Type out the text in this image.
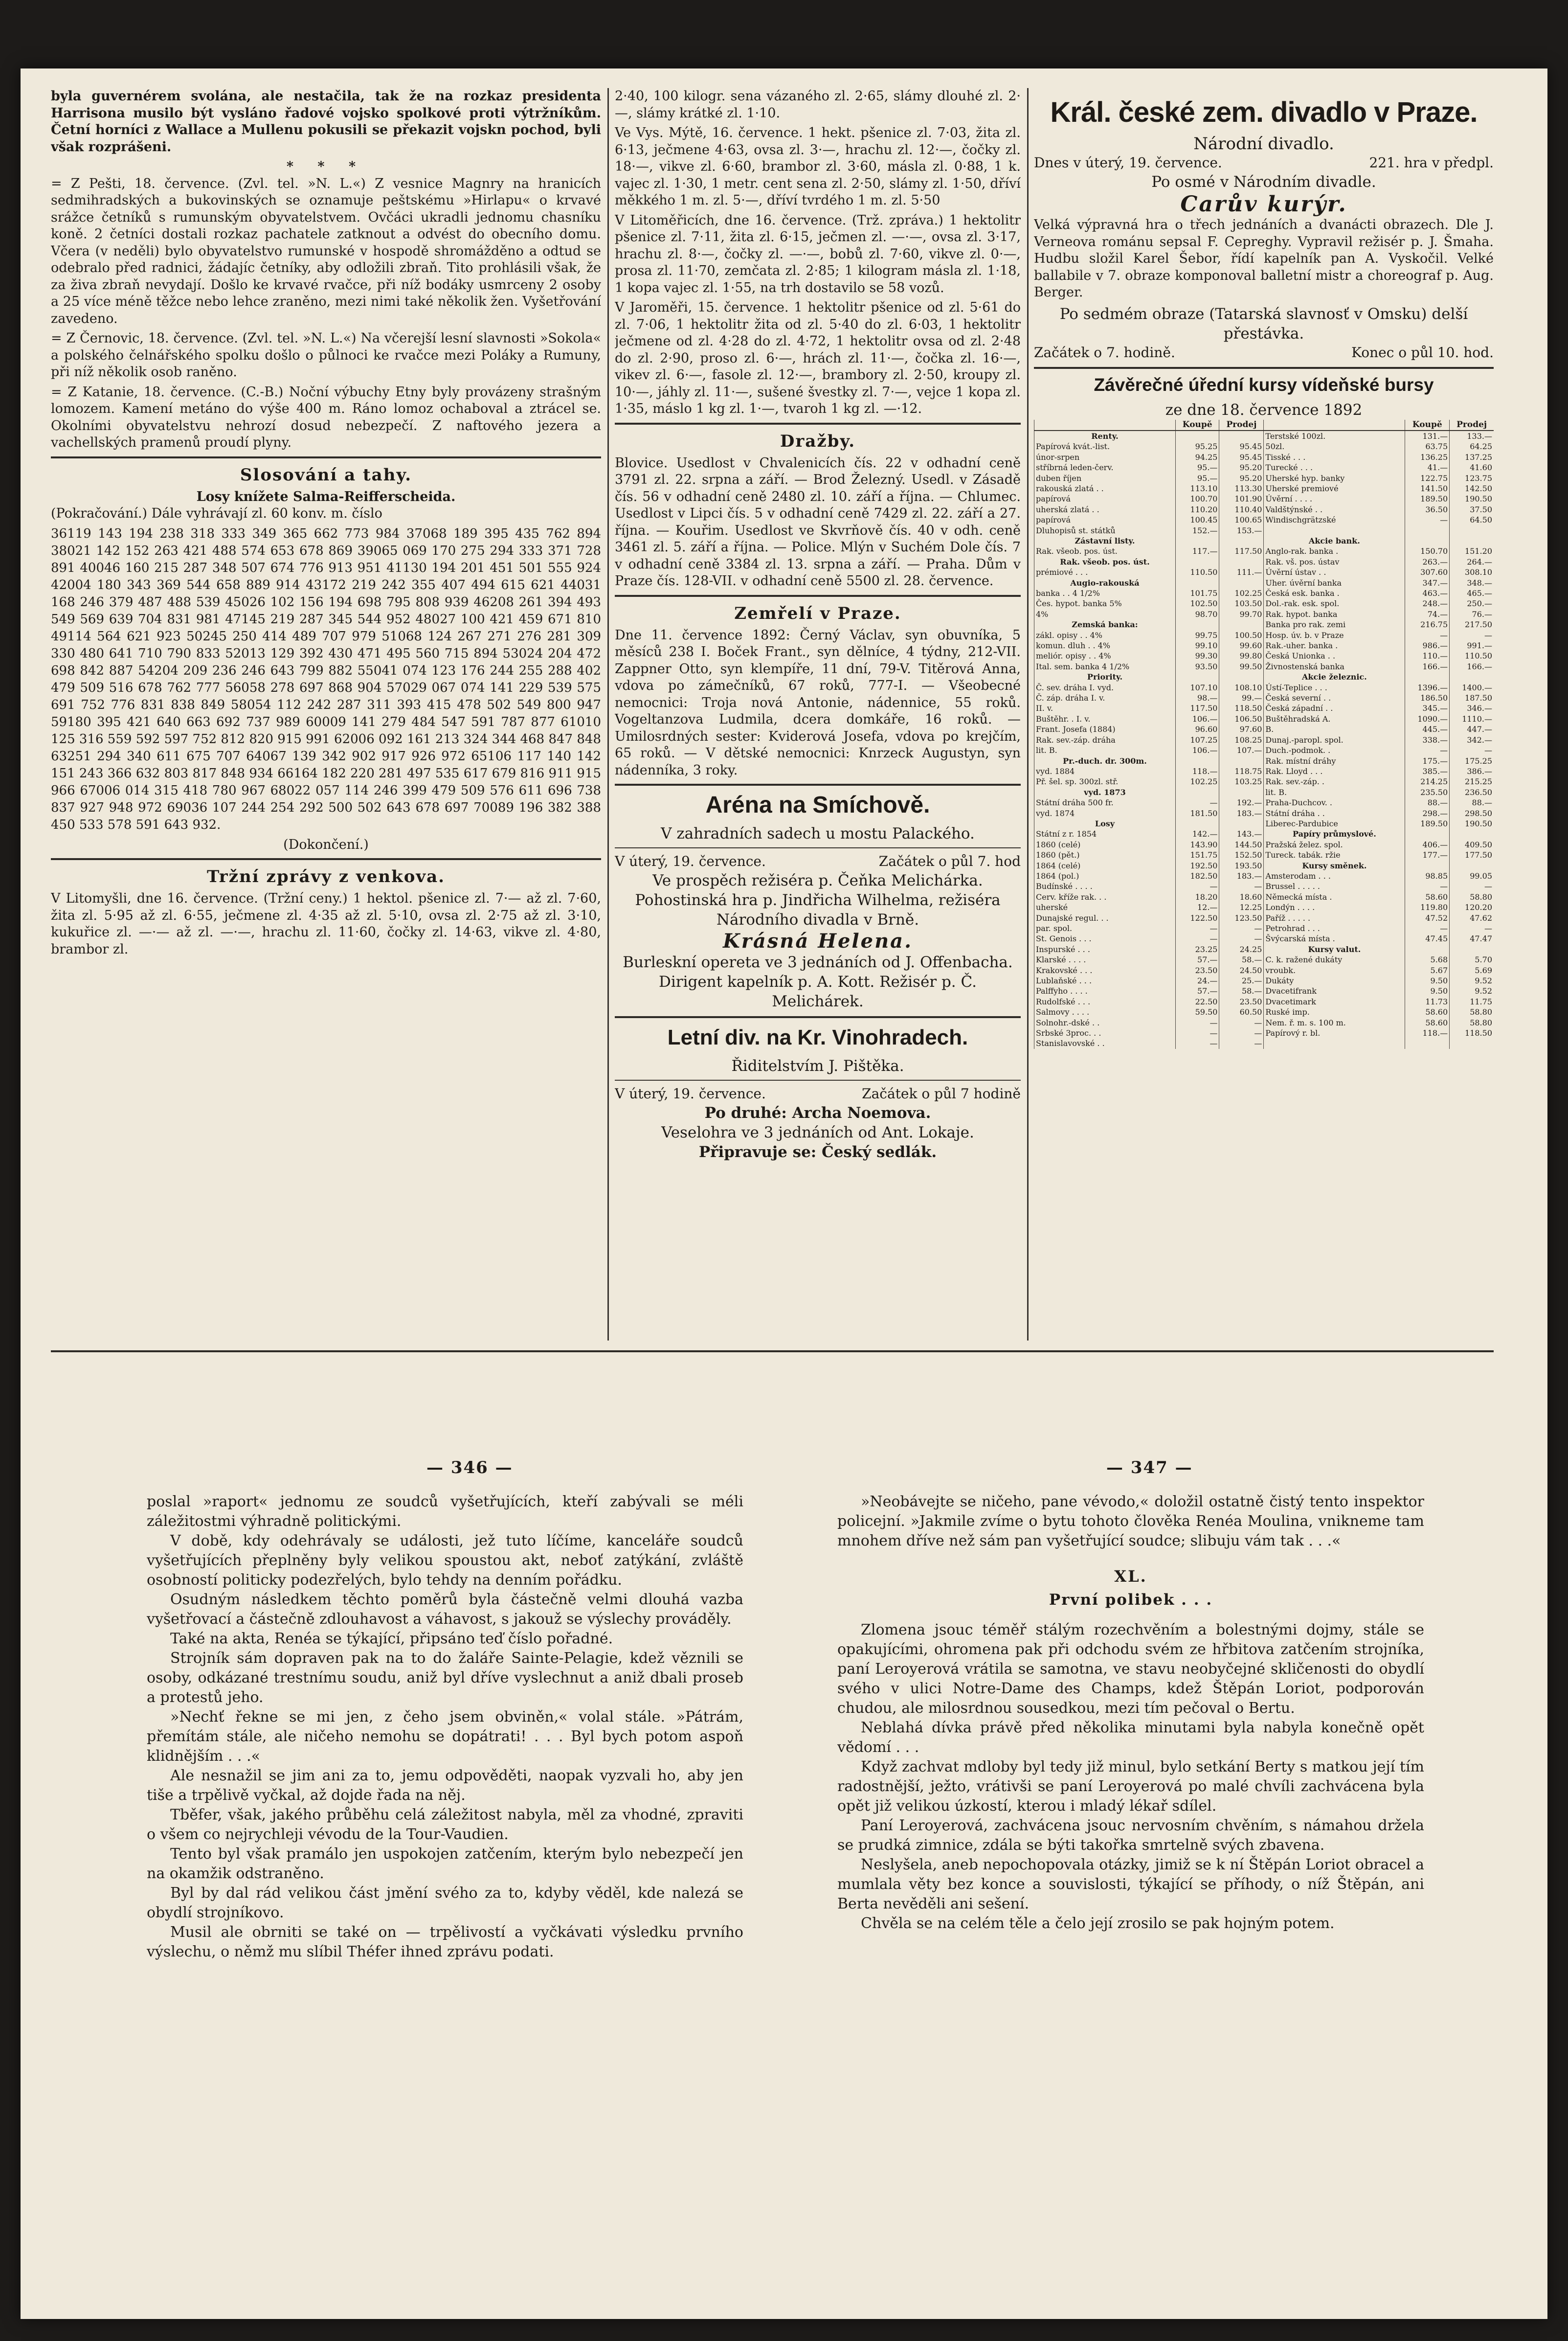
byla guvernérem svolána, ale nestačila, tak že na rozkaz presidenta Harrisona musilo být vysláno řadové vojsko spolkové proti výtržníkům. Četní horníci z Wallace a Mullenu pokusili se překazit vojskn pochod, byli však rozprášeni.

* * *

= Z Pešti, 18. července. (Zvl. tel. »N. L.«) Z vesnice Magnry na hranicích sedmihradských a bukovinských se oznamuje peštskému »Hirlapu« o krvavé srážce četníků s rumunským obyvatelstvem. Ovčáci ukradli jednomu chasníku koně. 2 četníci dostali rozkaz pachatele zatknout a odvést do obecního domu. Včera (v neděli) bylo obyvatelstvo rumunské v hospodě shromážděno a odtud se odebralo před radnici, žádajíc četníky, aby odložili zbraň. Tito prohlásili však, že za živa zbraň nevydají. Došlo ke krvavé rvačce, při níž bodáky usmrceny 2 osoby a 25 více méně těžce nebo lehce zraněno, mezi nimi také několik žen. Vyšetřování zavedeno.

= Z Černovic, 18. července. (Zvl. tel. »N. L.«) Na včerejší lesní slavnosti »Sokola« a polského čelnářského spolku došlo o půlnoci ke rvačce mezi Poláky a Rumuny, při níž několik osob raněno.

= Z Katanie, 18. července. (C.-B.) Noční výbuchy Etny byly provázeny strašným lomozem. Kamení metáno do výše 400 m. Ráno lomoz ochaboval a ztrácel se. Okolními obyvatelstvu nehrozí dosud nebezpečí. Z naftového jezera a vachellských pramenů proudí plyny.

Slosování a tahy.
Losy knížete Salma-Reifferscheida.

(Pokračování.) Dále vyhrávají zl. 60 konv. m. číslo

36119 143 194 238 318 333 349 365 662 773 984 37068 189 395 435 762 894 38021 142 152 263 421 488 574 653 678 869 39065 069 170 275 294 333 371 728 891 40046 160 215 287 348 507 674 776 913 951 41130 194 201 451 501 555 924 42004 180 343 369 544 658 889 914 43172 219 242 355 407 494 615 621 44031 168 246 379 487 488 539 45026 102 156 194 698 795 808 939 46208 261 394 493 549 569 639 704 831 981 47145 219 287 345 544 952 48027 100 421 459 671 810 49114 564 621 923 50245 250 414 489 707 979 51068 124 267 271 276 281 309 330 480 641 710 790 833 52013 129 392 430 471 495 560 715 894 53024 204 472 698 842 887 54204 209 236 246 643 799 882 55041 074 123 176 244 255 288 402 479 509 516 678 762 777 56058 278 697 868 904 57029 067 074 141 229 539 575 691 752 776 831 838 849 58054 112 242 287 311 393 415 478 502 549 800 947 59180 395 421 640 663 692 737 989 60009 141 279 484 547 591 787 877 61010 125 316 559 592 597 752 812 820 915 991 62006 092 161 213 324 344 468 847 848 63251 294 340 611 675 707 64067 139 342 902 917 926 972 65106 117 140 142 151 243 366 632 803 817 848 934 66164 182 220 281 497 535 617 679 816 911 915 966 67006 014 315 418 780 967 68022 057 114 246 399 479 509 576 611 696 738 837 927 948 972 69036 107 244 254 292 500 502 643 678 697 70089 196 382 388 450 533 578 591 643 932.

(Dokončení.)
Tržní zprávy z venkova.

V Litomyšli, dne 16. července. (Tržní ceny.) 1 hektol. pšenice zl. 7·— až zl. 7·60, žita zl. 5·95 až zl. 6·55, ječmene zl. 4·35 až zl. 5·10, ovsa zl. 2·75 až zl. 3·10, kukuřice zl. —·— až zl. —·—, hrachu zl. 11·60, čočky zl. 14·63, vikve zl. 4·80, brambor zl.

2·40, 100 kilogr. sena vázaného zl. 2·65, slámy dlouhé zl. 2·—, slámy krátké zl. 1·10.

Ve Vys. Mýtě, 16. července. 1 hekt. pšenice zl. 7·03, žita zl. 6·13, ječmene 4·63, ovsa zl. 3·—, hrachu zl. 12·—, čočky zl. 18·—, vikve zl. 6·60, brambor zl. 3·60, másla zl. 0·88, 1 k. vajec zl. 1·30, 1 metr. cent sena zl. 2·50, slámy zl. 1·50, dříví měkkého 1 m. zl. 5·—, dříví tvrdého 1 m. zl. 5·50

V Litoměřicích, dne 16. července. (Trž. zpráva.) 1 hektolitr pšenice zl. 7·11, žita zl. 6·15, ječmen zl. —·—, ovsa zl. 3·17, hrachu zl. 8·—, čočky zl. —·—, bobů zl. 7·60, vikve zl. 0·—, prosa zl. 11·70, zemčata zl. 2·85; 1 kilogram másla zl. 1·18, 1 kopa vajec zl. 1·55, na trh dostavilo se 58 vozů.

V Jaroměři, 15. července. 1 hektolitr pšenice od zl. 5·61 do zl. 7·06, 1 hektolitr žita od zl. 5·40 do zl. 6·03, 1 hektolitr ječmene od zl. 4·28 do zl. 4·72, 1 hektolitr ovsa od zl. 2·48 do zl. 2·90, proso zl. 6·—, hrách zl. 11·—, čočka zl. 16·—, vikev zl. 6·—, fasole zl. 12·—, brambory zl. 2·50, kroupy zl. 10·—, jáhly zl. 11·—, sušené švestky zl. 7·—, vejce 1 kopa zl. 1·35, máslo 1 kg zl. 1·—, tvaroh 1 kg zl. —·12.

Dražby.

Blovice. Usedlost v Chvalenicích čís. 22 v odhadní ceně 3791 zl. 22. srpna a září. — Brod Železný. Usedl. v Zásadě čís. 56 v odhadní ceně 2480 zl. 10. září a října. — Chlumec. Usedlost v Lipci čís. 5 v odhadní ceně 7429 zl. 22. září a 27. října. — Kouřim. Usedlost ve Skvrňově čís. 40 v odh. ceně 3461 zl. 5. září a října. — Police. Mlýn v Suchém Dole čís. 7 v odhadní ceně 3384 zl. 13. srpna a září. — Praha. Dům v Praze čís. 128-VII. v odhadní ceně 5500 zl. 28. července.

Zemřelí v Praze.

Dne 11. července 1892: Černý Václav, syn obuvníka, 5 měsíců 238 I. Boček Frant., syn dělníce, 4 týdny, 212-VII. Zappner Otto, syn klempíře, 11 dní, 79-V. Titěrová Anna, vdova po zámečníků, 67 roků, 777-I. — Všeobecné nemocnici: Troja nová Antonie, nádennice, 55 roků. Vogeltanzova Ludmila, dcera domkáře, 16 roků. — Umilosrdných sester: Kviderová Josefa, vdova po krejčím, 65 roků. — V dětské nemocnici: Knrzeck Augustyn, syn nádenníka, 3 roky.

Aréna na Smíchově.
V zahradních sadech u mostu Palackého.
V úterý, 19. července.	Začátek o půl 7. hod
Ve prospěch režiséra p. Čeňka Melichárka.
Pohostinská hra p. Jindřicha Wilhelma, režiséra Národního divadla v Brně.
Krásná Helena.
Burleskní opereta ve 3 jednáních od J. Offenbacha.
Dirigent kapelník p. A. Kott. Režisér p. Č. Melichárek.
Letní div. na Kr. Vinohradech.
Řiditelstvím J. Pištěka.
V úterý, 19. července.	Začátek o půl 7 hodině
Po druhé: Archa Noemova.
Veselohra ve 3 jednáních od Ant. Lokaje.
Připravuje se: Český sedlák.
Král. české zem. divadlo v Praze.
Národní divadlo.
Dnes v úterý, 19. července.	221. hra v předpl.
Po osmé v Národním divadle.
Carův kurýr.

Velká výpravná hra o třech jednáních a dvanácti obrazech. Dle J. Verneova románu sepsal F. Cepreghy. Vypravil režisér p. J. Šmaha. Hudbu složil Karel Šebor, řídí kapelník pan A. Vyskočil. Velké ballabile v 7. obraze komponoval balletní mistr a choreograf p. Aug. Berger.

Po sedmém obraze (Tatarská slavnosť v Omsku) delší přestávka.
Začátek o 7. hodině.	Konec o půl 10. hod.
Závěrečné úřední kursy vídeňské bursy
ze dne 18. července 1892
	Koupě	Prodej		Koupě	Prodej
Renty.			Terstské 100zl.	131.—	133.—
Papírová kvát.-list.	95.25	95.45	50zl.	63.75	64.25
únor-srpen	94.25	95.45	Tisské . . .	136.25	137.25
stříbrná leden-červ.	95.—	95.20	Turecké . . .	41.—	41.60
duben říjen	95.—	95.20	Uherské hyp. banky	122.75	123.75
rakouská zlatá . .	113.10	113.30	Uherské premiové	141.50	142.50
papírová	100.70	101.90	Úvěrní . . . .	189.50	190.50
uherská zlatá . .	110.20	110.40	Valdštýnské . .	36.50	37.50
papírová	100.45	100.65	Windischgrätzské	—	64.50
Dluhopisů st. státků	152.—	153.—			
Zástavní listy.			Akcie bank.		
Rak. všeob. pos. úst.	117.—	117.50	Anglo-rak. banka .	150.70	151.20
Rak. všeob. pos. úst.			Rak. vš. pos. ústav	263.—	264.—
prémiové . . .	110.50	111.—	Úvěrní ústav . .	307.60	308.10
Augio-rakouská			Uher. úvěrní banka	347.—	348.—
banka . . 4 1/2%	101.75	102.25	Česká esk. banka .	463.—	465.—
Čes. hypot. banka 5%	102.50	103.50	Dol.-rak. esk. spol.	248.—	250.—
4%	98.70	99.70	Rak. hypot. banka	74.—	76.—
Zemská banka:			Banka pro rak. zemi	216.75	217.50
zákl. opisy . . 4%	99.75	100.50	Hosp. úv. b. v Praze	—	—
komun. dluh . . 4%	99.10	99.60	Rak.-uher. banka .	986.—	991.—
meliór. opisy . . 4%	99.30	99.80	Česká Unionka . .	110.—	110.50
Ital. sem. banka 4 1/2%	93.50	99.50	Živnostenská banka	166.—	166.—
Priority.			Akcie železnic.		
Č. sev. dráha I. vyd.	107.10	108.10	Ústí-Teplice . . .	1396.—	1400.—
Č. záp. dráha I. v.	98.—	99.—	Česká severní . .	186.50	187.50
II. v.	117.50	118.50	Česká západní . .	345.—	346.—
Buštěhr. . I. v.	106.—	106.50	Buštěhradská A.	1090.—	1110.—
Frant. Josefa (1884)	96.60	97.60	B.	445.—	447.—
Rak. sev.-záp. dráha	107.25	108.25	Dunaj.-paropl. spol.	338.—	342.—
lit. B.	106.—	107.—	Duch.-podmok. .	—	—
Pr.-duch. dr. 300m.			Rak. místní dráhy	175.—	175.25
vyd. 1884	118.—	118.75	Rak. Lloyd . . .	385.—	386.—
Př. šel. sp. 300zl. stř.	102.25	103.25	Rak. sev.-záp. .	214.25	215.25
vyd. 1873			lit. B.	235.50	236.50
Státní dráha 500 fr.	—	192.—	Praha-Duchcov. .	88.—	88.—
vyd. 1874	181.50	183.—	Státní dráha . .	298.—	298.50
Losy			Liberec-Pardubice	189.50	190.50
Státní z r. 1854	142.—	143.—	Papíry průmyslové.		
1860 (celé)	143.90	144.50	Pražská želez. spol.	406.—	409.50
1860 (pět.)	151.75	152.50	Tureck. tabák. ržie	177.—	177.50
1864 (celé)	192.50	193.50	Kursy směnek.		
1864 (pol.)	182.50	183.—	Amsterodam . . .	98.85	99.05
Budínské . . . .	—	—	Brussel . . . . .	—	—
Cerv. kříže rak. . .	18.20	18.60	Německá místa .	58.60	58.80
uherské	12.—	12.25	Londýn . . . .	119.80	120.20
Dunajské regul. . .	122.50	123.50	Paříž . . . . .	47.52	47.62
par. spol.	—	—	Petrohrad . . .	—	—
St. Genois . . .	—	—	Švýcarská místa .	47.45	47.47
Inspurské . . .	23.25	24.25	Kursy valut.		
Klarské . . . .	57.—	58.—	C. k. ražené dukáty	5.68	5.70
Krakovské . . .	23.50	24.50	vroubk.	5.67	5.69
Lublaňské . . .	24.—	25.—	Dukáty	9.50	9.52
Palffyho . . . .	57.—	58.—	Dvacetifrank	9.50	9.52
Rudolfské . . .	22.50	23.50	Dvacetimark	11.73	11.75
Salmovy . . . .	59.50	60.50	Ruské imp.	58.60	58.80
Solnohr.-dské . .	—	—	Nem. ř. m. s. 100 m.	58.60	58.80
Srbské 3proc. . .	—	—	Papírový r. bl.	118.—	118.50
Stanislavovské . .	—	—			
— 346 —	— 347 —

poslal »raport« jednomu ze soudců vyšetřujících, kteří zabývali se méli záležitostmi výhradně politickými.

V době, kdy odehrávaly se události, jež tuto líčíme, kanceláře soudců vyšetřujících přeplněny byly velikou spoustou akt, neboť zatýkání, zvláště osobností politicky podezřelých, bylo tehdy na denním pořádku.

Osudným následkem těchto poměrů byla částečně velmi dlouhá vazba vyšetřovací a částečně zdlouhavost a váhavost, s jakouž se výslechy prováděly.

Také na akta, Renéa se týkající, připsáno teď číslo pořadné.

Strojník sám dopraven pak na to do žaláře Sainte-Pelagie, kdež věznili se osoby, odkázané trestnímu soudu, aniž byl dříve vyslechnut a aniž dbali proseb a protestů jeho.

»Nechť řekne se mi jen, z čeho jsem obviněn,« volal stále. »Pátrám, přemítám stále, ale ničeho nemohu se dopátrati! . . . Byl bych potom aspoň klidnějším . . .«

Ale nesnažil se jim ani za to, jemu odpověděti, naopak vyzvali ho, aby jen tiše a trpělivě vyčkal, až dojde řada na něj.

Tběfer, však, jakého průběhu celá záležitost nabyla, měl za vhodné, zpraviti o všem co nejrychleji vévodu de la Tour-Vaudien.

Tento byl však pramálo jen uspokojen zatčením, kterým bylo nebezpečí jen na okamžik odstraněno.

Byl by dal rád velikou část jmění svého za to, kdyby věděl, kde nalezá se obydlí strojníkovo.

Musil ale obrniti se také on — trpělivostí a vyčkávati výsledku prvního výslechu, o němž mu slíbil Théfer ihned zprávu podati.

»Neobávejte se ničeho, pane vévodo,« doložil ostatně čistý tento inspektor policejní. »Jakmile zvíme o bytu tohoto člověka Renéa Moulina, vnikneme tam mnohem dříve než sám pan vyšetřující soudce; slibuju vám tak . . .«

XL.
První polibek . . .

Zlomena jsouc téměř stálým rozechvěním a bolestnými dojmy, stále se opakujícími, ohromena pak při odchodu svém ze hřbitova zatčením strojníka, paní Leroyerová vrátila se samotna, ve stavu neobyčejné skličenosti do obydlí svého v ulici Notre-Dame des Champs, kdež Štěpán Loriot, podporován chudou, ale milosrdnou sousedkou, mezi tím pečoval o Bertu.

Neblahá dívka právě před několika minutami byla nabyla konečně opět vědomí . . .

Když zachvat mdloby byl tedy již minul, bylo setkání Berty s matkou její tím radostnější, ježto, vrátivši se paní Leroyerová po malé chvíli zachvácena byla opět již velikou úzkostí, kterou i mladý lékař sdílel.

Paní Leroyerová, zachvácena jsouc nervosním chvěním, s námahou držela se prudká zimnice, zdála se býti takořka smrtelně svých zbavena.

Neslyšela, aneb nepochopovala otázky, jimiž se k ní Štěpán Loriot obracel a mumlala věty bez konce a souvislosti, týkající se příhody, o níž Štěpán, ani Berta nevěděli ani sešení.

Chvěla se na celém těle a čelo její zrosilo se pak hojným potem.
